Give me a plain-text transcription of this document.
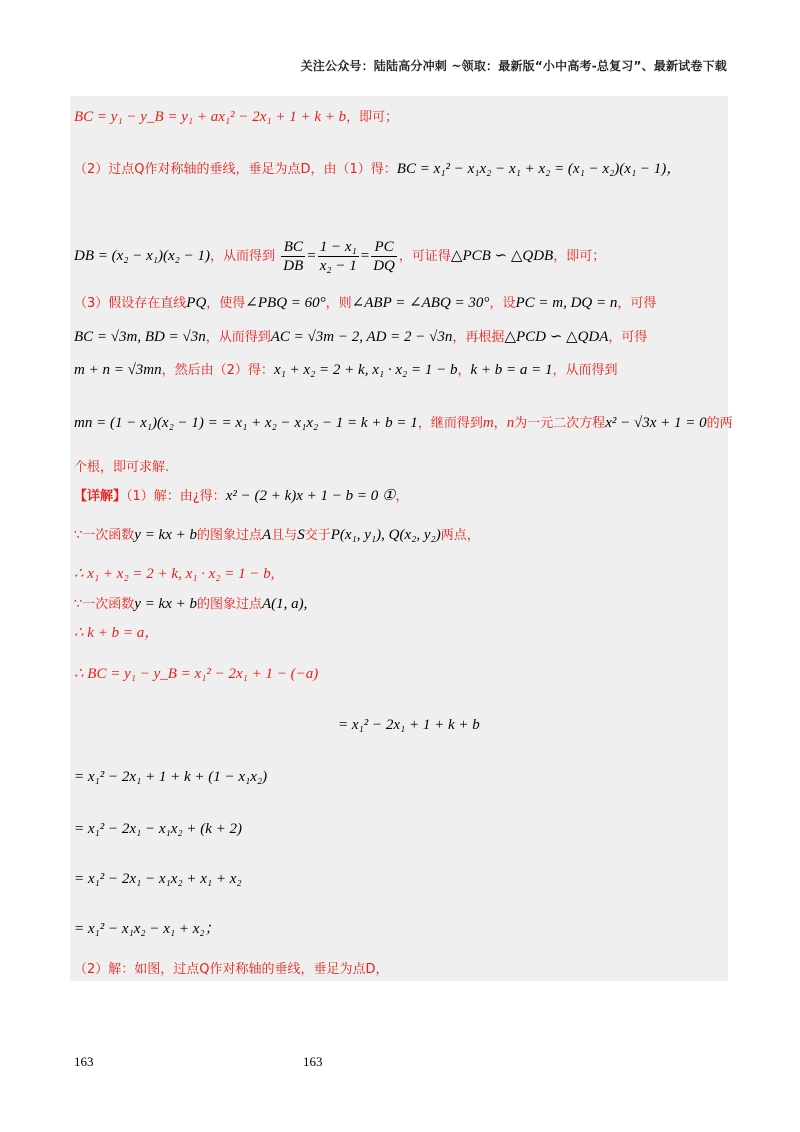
关注公众号：陆陆高分冲刺 ~领取：最新版“小中高考-总复习”、最新试卷下载
BC = y₁ − y_B = y₁ + ax₁² − 2x₁ + 1 + k + b，即可；
（2）过点Q作对称轴的垂线，垂足为点D，由（1）得：BC = x₁² − x₁x₂ − x₁ + x₂ = (x₁ − x₂)(x₁ − 1)，
DB = (x₂ − x₁)(x₂ − 1)，从而得到 $\frac{BC}{DB} = \frac{\text{1 − x₁}}{\text{x₂ − 1}} = \frac{PC}{DQ}$ ，可证得△PCB ∽ △QDB，即可；
（3）假设存在直线PQ，使得∠PBQ = 60°，则∠ABP = ∠ABQ = 30°，设PC = m, DQ = n，可得
BC = √3m, BD = √3n，从而得到AC = √3m − 2, AD = 2 − √3n，再根据△PCD ∽ △QDA，可得
m + n = √3mn，然后由（2）得：x₁ + x₂ = 2 + k, x₁ · x₂ = 1 − b，k + b = a = 1，从而得到
mn = (1 − x₁)(x₂ − 1) = = x₁ + x₂ − x₁x₂ − 1 = k + b = 1，继而得到m，n为一元二次方程x² − √3x + 1 = 0的两
个根，即可求解.
【详解】（1）解：由¿得：x² − (2 + k)x + 1 − b = 0 ①，
∵一次函数y = kx + b的图象过点A且与S交于P(x₁, y₁), Q(x₂, y₂)两点，
∴ x₁ + x₂ = 2 + k, x₁ · x₂ = 1 − b,
∵一次函数y = kx + b的图象过点A(1, a),
∴ k + b = a，
∴ BC = y₁ − y_B = x₁² − 2x₁ + 1 − (−a)
= x₁² − 2x₁ + 1 + k + b
= x₁² − 2x₁ + 1 + k + (1 − x₁x₂)
= x₁² − 2x₁ − x₁x₂ + (k + 2)
= x₁² − 2x₁ − x₁x₂ + x₁ + x₂
= x₁² − x₁x₂ − x₁ + x₂；
（2）解：如图，过点Q作对称轴的垂线，垂足为点D，
163	163
